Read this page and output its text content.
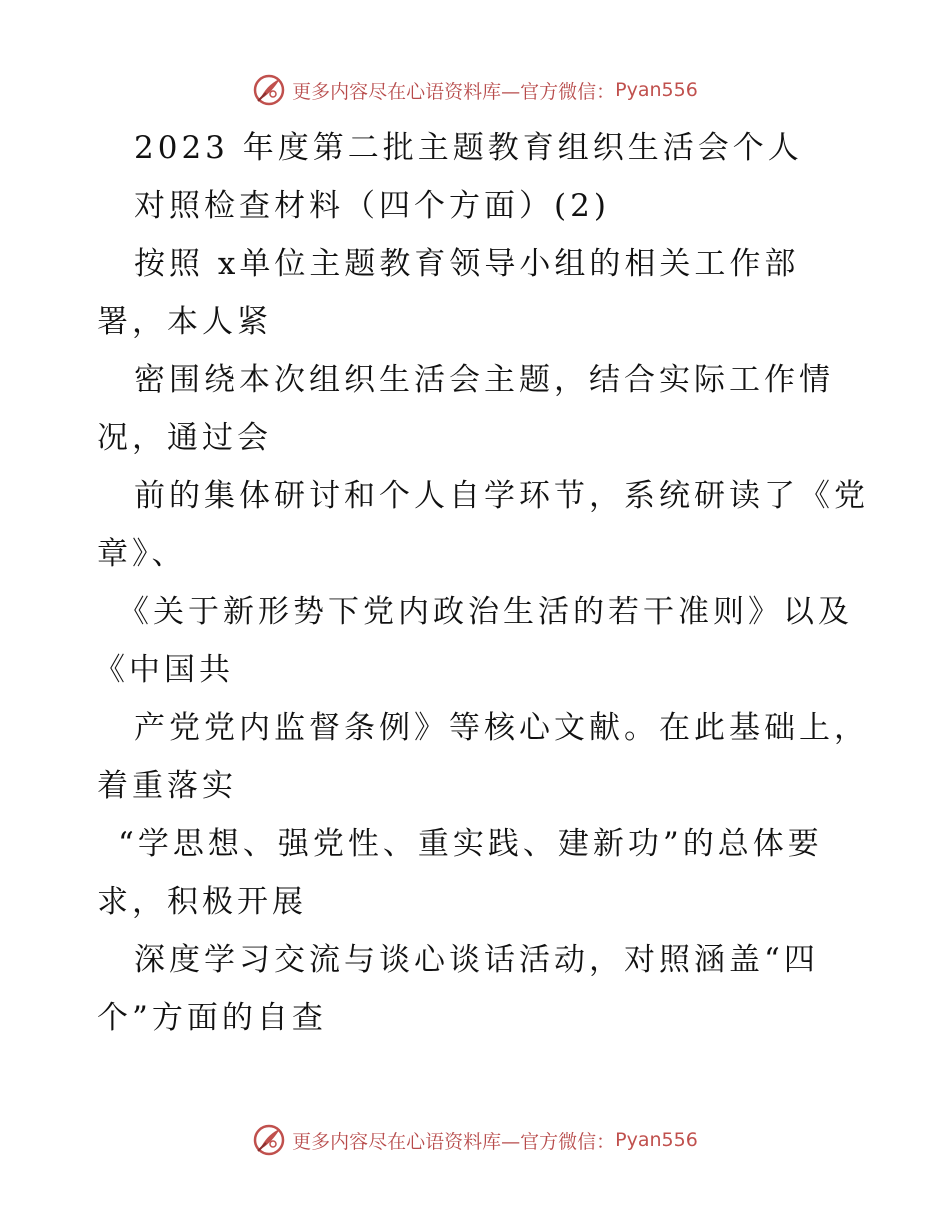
更多内容尽在心语资料库—官方微信： Pyan556
2023 年度第二批主题教育组织生活会个人
对照检查材料（四个方面）(2)
按照 x单位主题教育领导小组的相关工作部
署，本人紧
密围绕本次组织生活会主题，结合实际工作情
况，通过会
前的集体研讨和个人自学环节，系统研读了《党
章》、
《关于新形势下党内政治生活的若干准则》以及
《中国共
产党党内监督条例》等核心文献。在此基础上，
着重落实
“学思想、强党性、重实践、建新功”的总体要
求，积极开展
深度学习交流与谈心谈话活动，对照涵盖“四
个”方面的自查
更多内容尽在心语资料库—官方微信： Pyan556
